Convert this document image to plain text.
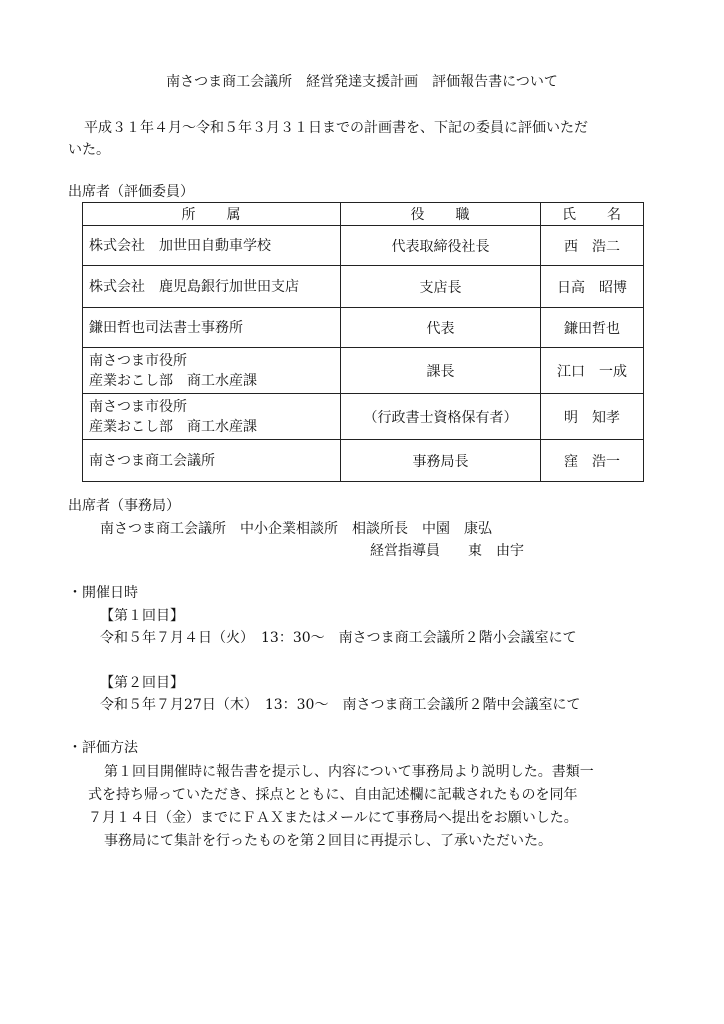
南さつま商工会議所　経営発達支援計画　評価報告書について
平成３１年４月～令和５年３月３１日までの計画書を、下記の委員に評価いただ
いた。
出席者（評価委員）
所　　属	役　　職	氏　　名

株式会社　加世田自動車学校	代表取締役社長	西　浩二

株式会社　鹿児島銀行加世田支店	支店長	日高　昭博

鎌田哲也司法書士事務所	代表	鎌田哲也

南さつま市役所
産業おこし部　商工水産課	課長	江口　一成

南さつま市役所
産業おこし部　商工水産課	（行政書士資格保有者）	明　知孝

南さつま商工会議所	事務局長	窪　浩一
出席者（事務局）
南さつま商工会議所　中小企業相談所　相談所長　中園　康弘
経営指導員　　東　由宇
・開催日時
【第１回目】
令和５年７月４日（火）　13：30～　南さつま商工会議所２階小会議室にて
【第２回目】
令和５年７月27日（木）　13：30～　南さつま商工会議所２階中会議室にて
・評価方法
第１回目開催時に報告書を提示し、内容について事務局より説明した。書類一
式を持ち帰っていただき、採点とともに、自由記述欄に記載されたものを同年
７月１４日（金）までにＦＡＸまたはメールにて事務局へ提出をお願いした。
事務局にて集計を行ったものを第２回目に再提示し、了承いただいた。
